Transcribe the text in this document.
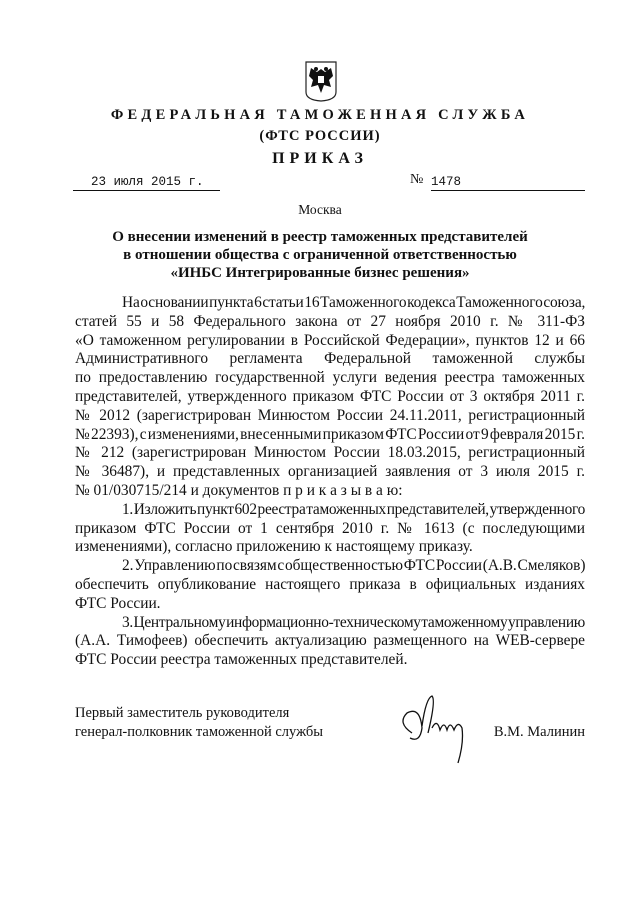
ФЕДЕРАЛЬНАЯ ТАМОЖЕННАЯ СЛУЖБА
(ФТС РОССИИ)
ПРИКАЗ
23 июля 2015 г.	№ 1478
Москва
О внесении изменений в реестр таможенных представителей
в отношении общества с ограниченной ответственностью
«ИНБС Интегрированные бизнес решения»
На основании пункта 6 статьи 16 Таможенного кодекса Таможенного союза,
статей 55 и 58 Федерального закона от 27 ноября 2010 г. № 311-ФЗ
«О таможенном регулировании в Российской Федерации», пунктов 12 и 66
Административного регламента Федеральной таможенной службы
по предоставлению государственной услуги ведения реестра таможенных
представителей, утвержденного приказом ФТС России от 3 октября 2011 г.
№ 2012 (зарегистрирован Минюстом России 24.11.2011, регистрационный
№ 22393), с изменениями, внесенными приказом ФТС России от 9 февраля 2015 г.
№ 212 (зарегистрирован Минюстом России 18.03.2015, регистрационный
№ 36487), и представленных организацией заявления от 3 июля 2015 г.
№ 01/030715/214 и документов п р и к а з ы в а ю:
1. Изложить пункт 602 реестра таможенных представителей, утвержденного
приказом ФТС России от 1 сентября 2010 г. № 1613 (с последующими
изменениями), согласно приложению к настоящему приказу.
2. Управлению по связям с общественностью ФТС России (А.В. Смеляков)
обеспечить опубликование настоящего приказа в официальных изданиях
ФТС России.
3. Центральному информационно-техническому таможенному управлению
(А.А. Тимофеев) обеспечить актуализацию размещенного на WEB-сервере
ФТС России реестра таможенных представителей.
Первый заместитель руководителя
генерал-полковник таможенной службы	В.М. Малинин
